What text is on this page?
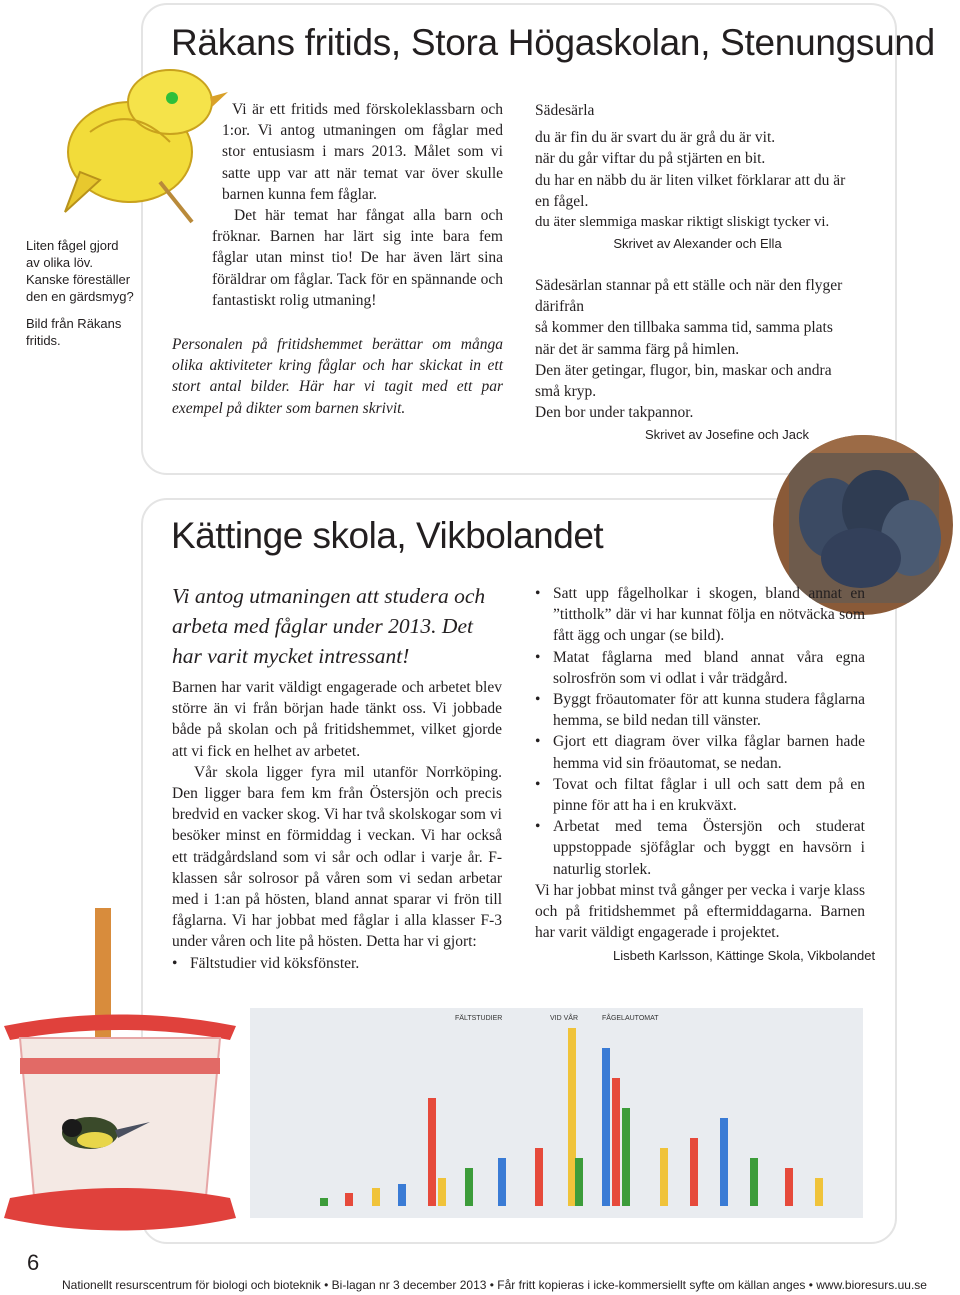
Räkans fritids, Stora Högaskolan, Stenungsund

Liten fågel gjord av olika löv. Kanske föreställer den en gärdsmyg?

Bild från Räkans fritids.

Vi är ett fritids med förskoleklassbarn och 1:or. Vi antog utmaningen om fåglar med stor entusiasm i mars 2013. Målet som vi satte upp var att när temat var över skulle barnen kunna fem fåglar.

Det här temat har fångat alla barn och fröknar. Barnen har lärt sig inte bara fem fåglar utan minst tio! De har även lärt sina föräldrar om fåglar. Tack för en spännande och fantastiskt rolig utmaning!

Personalen på fritidshemmet berättar om många olika aktiviteter kring fåglar och har skickat in ett stort antal bilder. Här har vi tagit med ett par exempel på dikter som barnen skrivit.

Sädesärla

du är fin du är svart du är grå du är vit.

när du går viftar du på stjärten en bit.

du har en näbb du är liten vilket förklarar att du är en fågel.

du äter slemmiga maskar riktigt sliskigt tycker vi.

Skrivet av Alexander och Ella

Sädesärlan stannar på ett ställe och när den flyger därifrån

så kommer den tillbaka samma tid, samma plats när det är samma färg på himlen.

Den äter getingar, flugor, bin, maskar och andra små kryp.

Den bor under takpannor.

Skrivet av Josefine och Jack

Kättinge skola, Vikbolandet
Vi antog utmaningen att studera och arbeta med fåglar under 2013. Det har varit mycket intressant!

Barnen har varit väldigt engagerade och arbetet blev större än vi från början hade tänkt oss. Vi jobbade både på skolan och på fritidshemmet, vilket gjorde att vi fick en helhet av arbetet.

Vår skola ligger fyra mil utanför Norrköping. Den ligger bara fem km från Östersjön och precis bredvid en vacker skog. Vi har två skolskogar som vi besöker minst en förmiddag i veckan. Vi har också ett trädgårdsland som vi sår och odlar i varje år. F-klassen sår solrosor på våren som vi sedan arbetar med i 1:an på hösten, bland annat sparar vi frön till fåglarna. Vi har jobbat med fåglar i alla klasser F-3 under våren och lite på hösten. Detta har vi gjort:

• Fältstudier vid köksfönster.
• Satt upp fågelholkar i skogen, bland annat en ”tittholk” där vi har kunnat följa en nötväcka som fått ägg och ungar (se bild).
• Matat fåglarna med bland annat våra egna solrosfrön som vi odlat i vår trädgård.
• Byggt fröautomater för att kunna studera fåglarna hemma, se bild nedan till vänster.
• Gjort ett diagram över vilka fåglar barnen hade hemma vid sin fröautomat, se nedan.
• Tovat och filtat fåglar i ull och satt dem på en pinne för att ha i en krukväxt.
• Arbetat med tema Östersjön och studerat uppstoppade sjöfåglar och byggt en havsörn i naturlig storlek.

Vi har jobbat minst två gånger per vecka i varje klass och på fritidshemmet på eftermiddagarna. Barnen har varit väldigt engagerade i projektet.

Lisbeth Karlsson, Kättinge Skola, Vikbolandet

FÄLTSTUDIER	VID VÅR	FÅGELAUTOMAT
6
Nationellt resurscentrum för biologi och bioteknik • Bi-lagan nr 3 december 2013 • Får fritt kopieras i icke-kommersiellt syfte om källan anges • www.bioresurs.uu.se
